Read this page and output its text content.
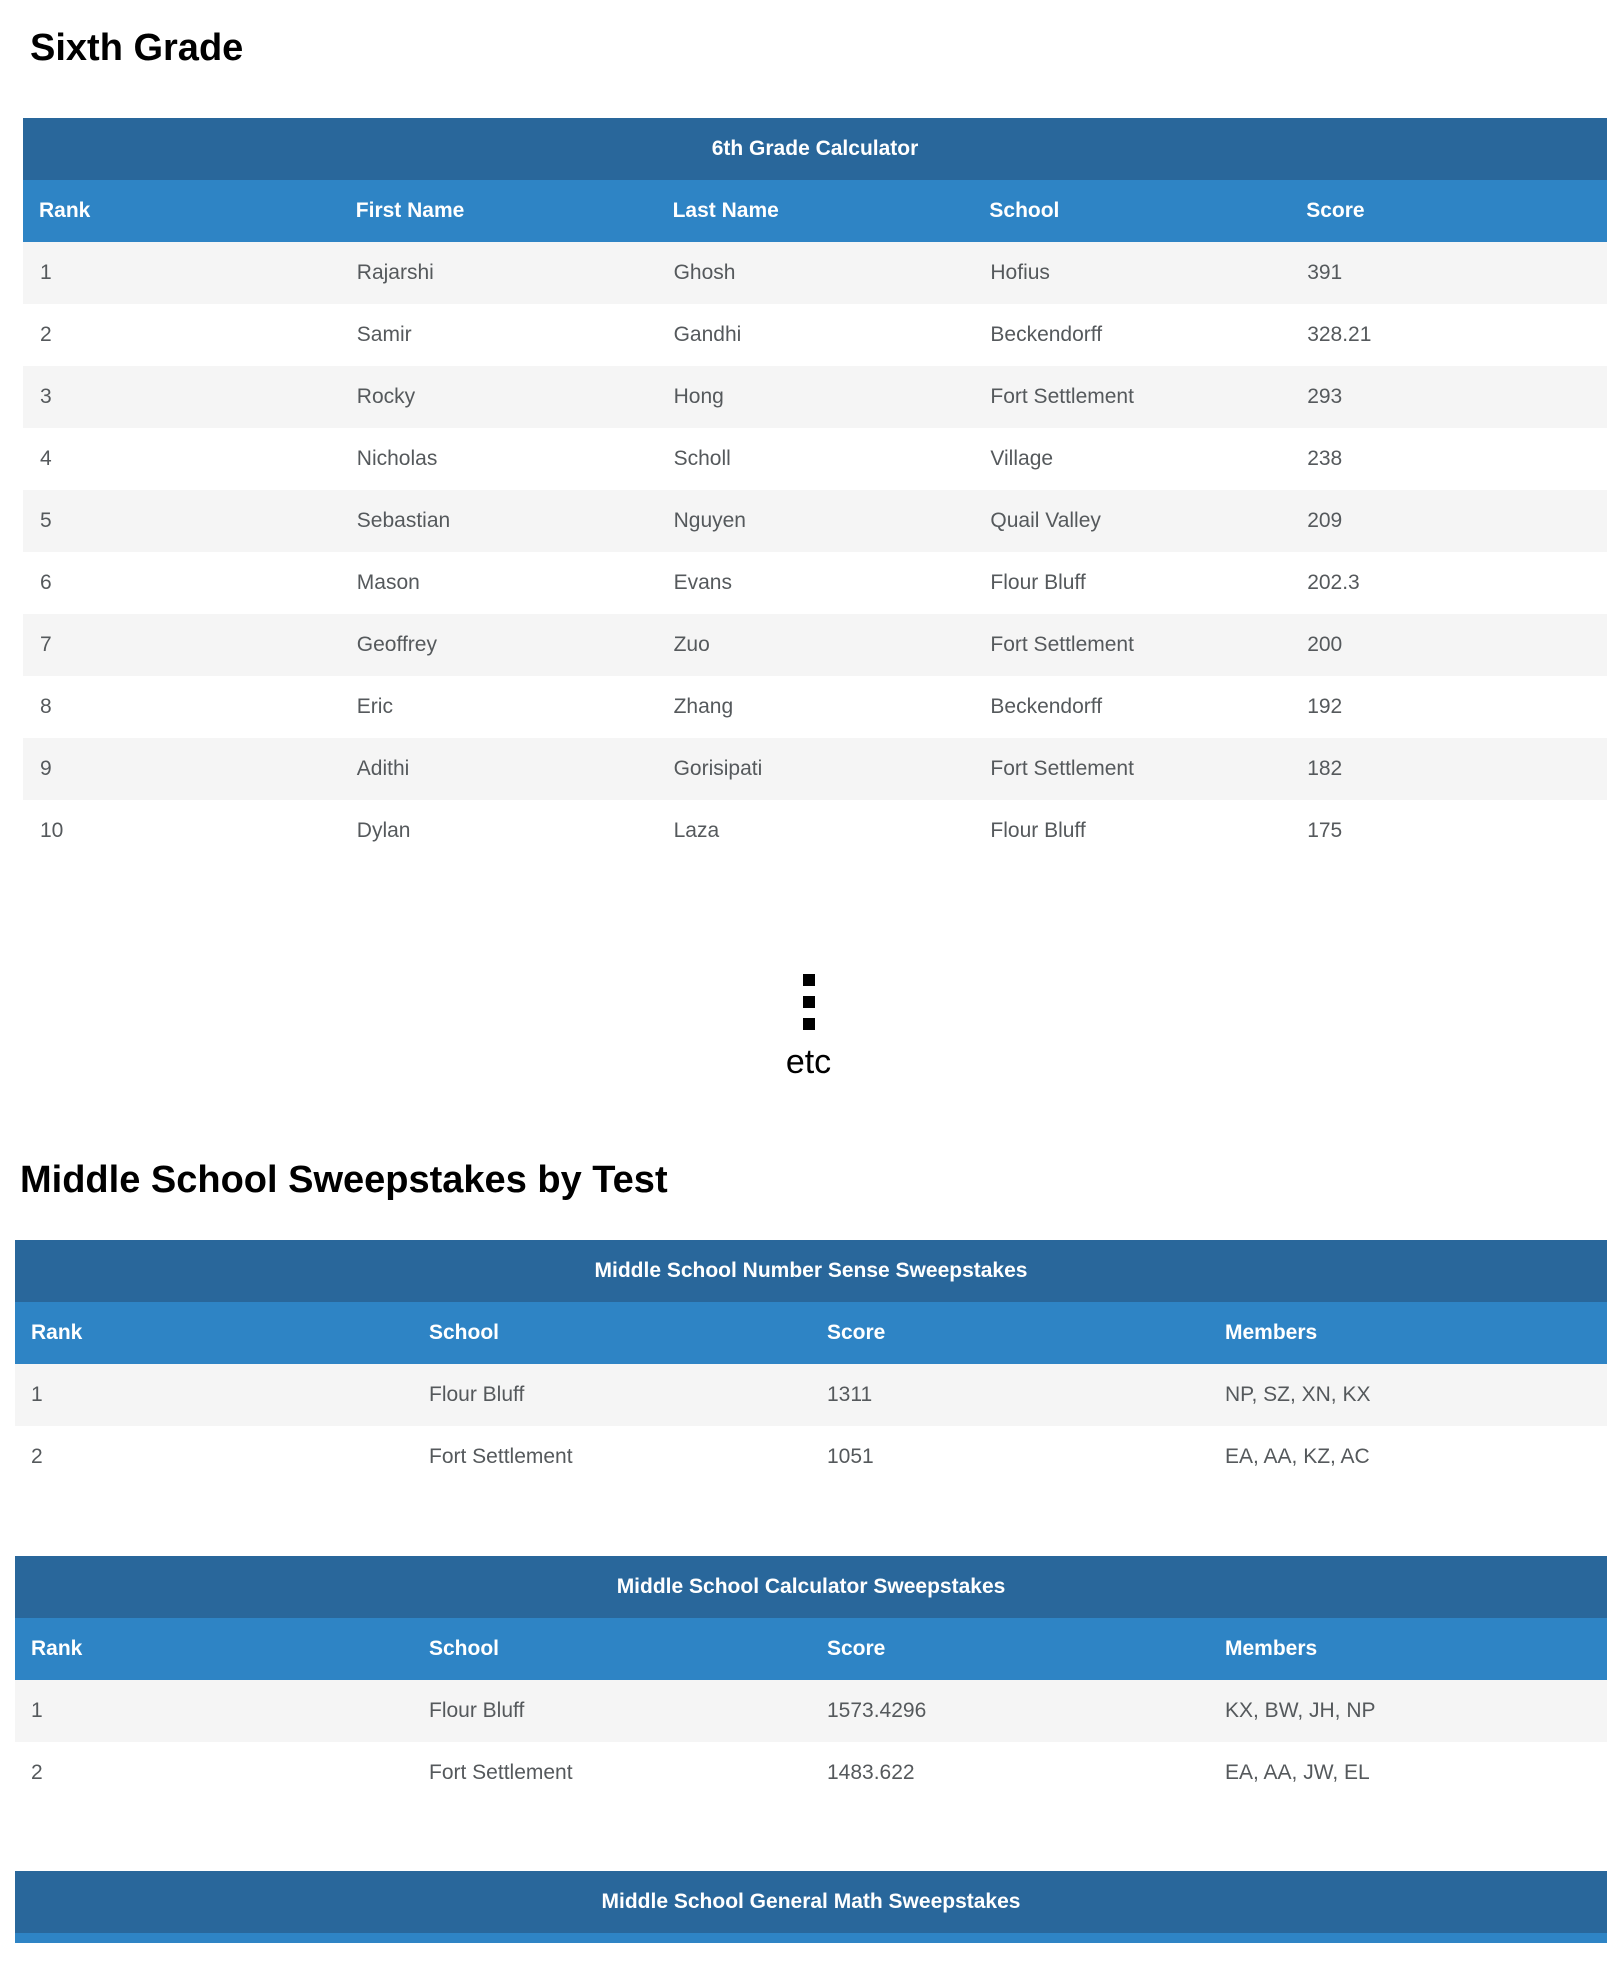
Sixth Grade
6th Grade Calculator				
Rank	First Name	Last Name	School	Score
1	Rajarshi	Ghosh	Hofius	391
2	Samir	Gandhi	Beckendorff	328.21
3	Rocky	Hong	Fort Settlement	293
4	Nicholas	Scholl	Village	238
5	Sebastian	Nguyen	Quail Valley	209
6	Mason	Evans	Flour Bluff	202.3
7	Geoffrey	Zuo	Fort Settlement	200
8	Eric	Zhang	Beckendorff	192
9	Adithi	Gorisipati	Fort Settlement	182
10	Dylan	Laza	Flour Bluff	175
etc
Middle School Sweepstakes by Test
Middle School Number Sense Sweepstakes			
Rank	School	Score	Members
1	Flour Bluff	1311	NP, SZ, XN, KX
2	Fort Settlement	1051	EA, AA, KZ, AC
Middle School Calculator Sweepstakes			
Rank	School	Score	Members
1	Flour Bluff	1573.4296	KX, BW, JH, NP
2	Fort Settlement	1483.622	EA, AA, JW, EL
Middle School General Math Sweepstakes
